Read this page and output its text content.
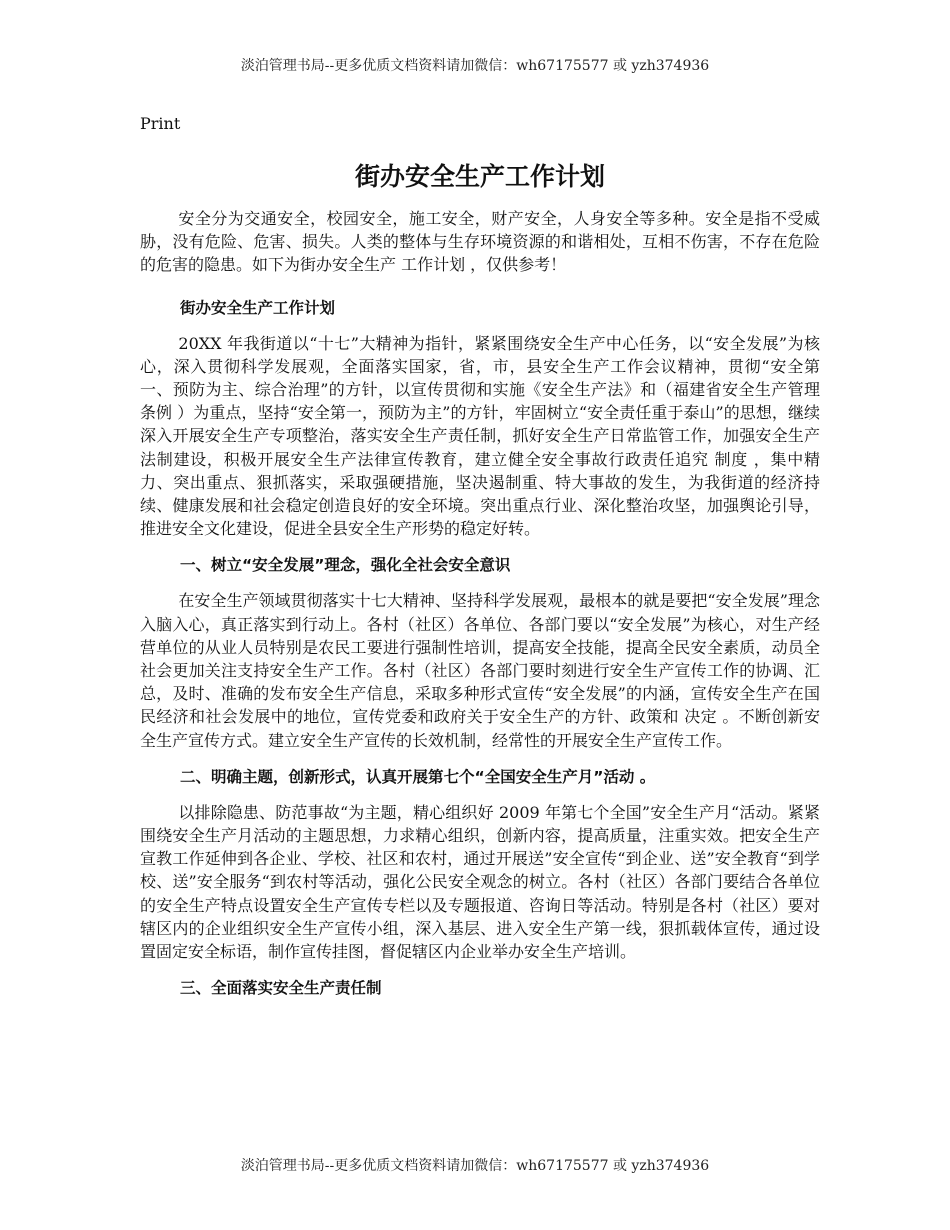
淡泊管理书局--更多优质文档资料请加微信：wh67175577 或 yzh374936

Print

街办安全生产工作计划

安全分为交通安全，校园安全，施工安全，财产安全，人身安全等多种。安全是指不受威胁，没有危险、危害、损失。人类的整体与生存环境资源的和谐相处，互相不伤害，不存在危险的危害的隐患。如下为街办安全生产 工作计划 ，仅供参考！

街办安全生产工作计划

20XX 年我街道以“十七”大精神为指针，紧紧围绕安全生产中心任务，以“安全发展”为核心，深入贯彻科学发展观，全面落实国家，省，市，县安全生产工作会议精神，贯彻“安全第一、预防为主、综合治理”的方针，以宣传贯彻和实施《安全生产法》和（福建省安全生产管理 条例 ）为重点，坚持“安全第一，预防为主”的方针，牢固树立“安全责任重于泰山”的思想，继续深入开展安全生产专项整治，落实安全生产责任制，抓好安全生产日常监管工作，加强安全生产法制建设，积极开展安全生产法律宣传教育，建立健全安全事故行政责任追究 制度 ，集中精力、突出重点、狠抓落实，采取强硬措施，坚决遏制重、特大事故的发生，为我街道的经济持续、健康发展和社会稳定创造良好的安全环境。突出重点行业、深化整治攻坚，加强舆论引导，推进安全文化建设，促进全县安全生产形势的稳定好转。

一、树立“安全发展”理念，强化全社会安全意识

在安全生产领域贯彻落实十七大精神、坚持科学发展观，最根本的就是要把“安全发展”理念入脑入心，真正落实到行动上。各村（社区）各单位、各部门要以“安全发展”为核心，对生产经营单位的从业人员特别是农民工要进行强制性培训，提高安全技能，提高全民安全素质，动员全社会更加关注支持安全生产工作。各村（社区）各部门要时刻进行安全生产宣传工作的协调、汇总，及时、准确的发布安全生产信息，采取多种形式宣传“安全发展”的内涵，宣传安全生产在国民经济和社会发展中的地位，宣传党委和政府关于安全生产的方针、政策和 决定 。不断创新安全生产宣传方式。建立安全生产宣传的长效机制，经常性的开展安全生产宣传工作。

二、明确主题，创新形式，认真开展第七个“全国安全生产月”活动 。

以排除隐患、防范事故“为主题，精心组织好 2009 年第七个全国”安全生产月“活动。紧紧围绕安全生产月活动的主题思想，力求精心组织，创新内容，提高质量，注重实效。把安全生产宣教工作延伸到各企业、学校、社区和农村，通过开展送”安全宣传“到企业、送”安全教育“到学校、送”安全服务“到农村等活动，强化公民安全观念的树立。各村（社区）各部门要结合各单位的安全生产特点设置安全生产宣传专栏以及专题报道、咨询日等活动。特别是各村（社区）要对辖区内的企业组织安全生产宣传小组，深入基层、进入安全生产第一线，狠抓载体宣传，通过设置固定安全标语，制作宣传挂图，督促辖区内企业举办安全生产培训。

三、全面落实安全生产责任制
淡泊管理书局--更多优质文档资料请加微信：wh67175577 或 yzh374936
